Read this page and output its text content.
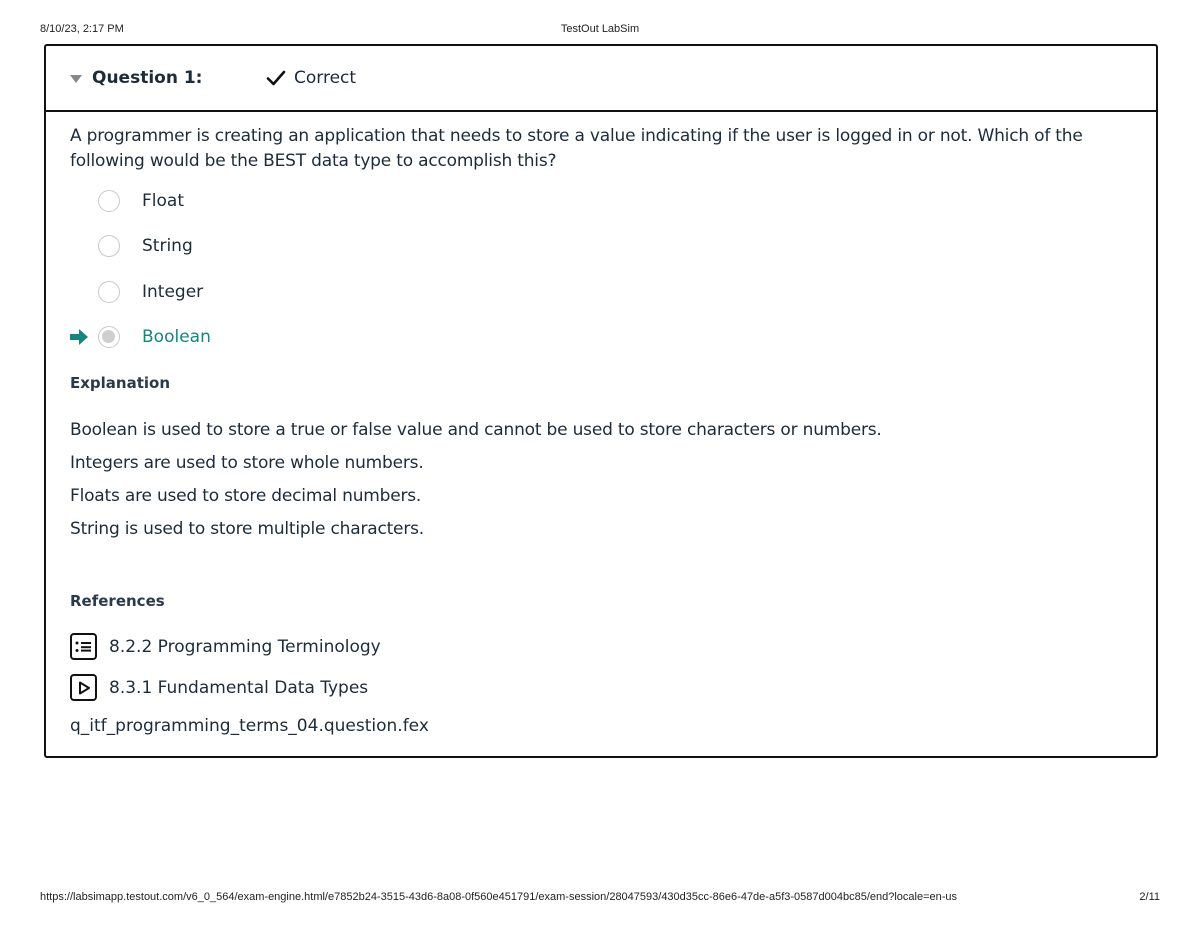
8/10/23, 2:17 PM	TestOut LabSim
Question 1:	Correct
A programmer is creating an application that needs to store a value indicating if the user is logged in or not. Which of the following would be the BEST data type to accomplish this?
Float
String
Integer
Boolean
Explanation
Boolean is used to store a true or false value and cannot be used to store characters or numbers.
Integers are used to store whole numbers.
Floats are used to store decimal numbers.
String is used to store multiple characters.
References
8.2.2 Programming Terminology
8.3.1 Fundamental Data Types
q_itf_programming_terms_04.question.fex
https://labsimapp.testout.com/v6_0_564/exam-engine.html/e7852b24-3515-43d6-8a08-0f560e451791/exam-session/28047593/430d35cc-86e6-47de-a5f3-0587d004bc85/end?locale=en-us	2/11
